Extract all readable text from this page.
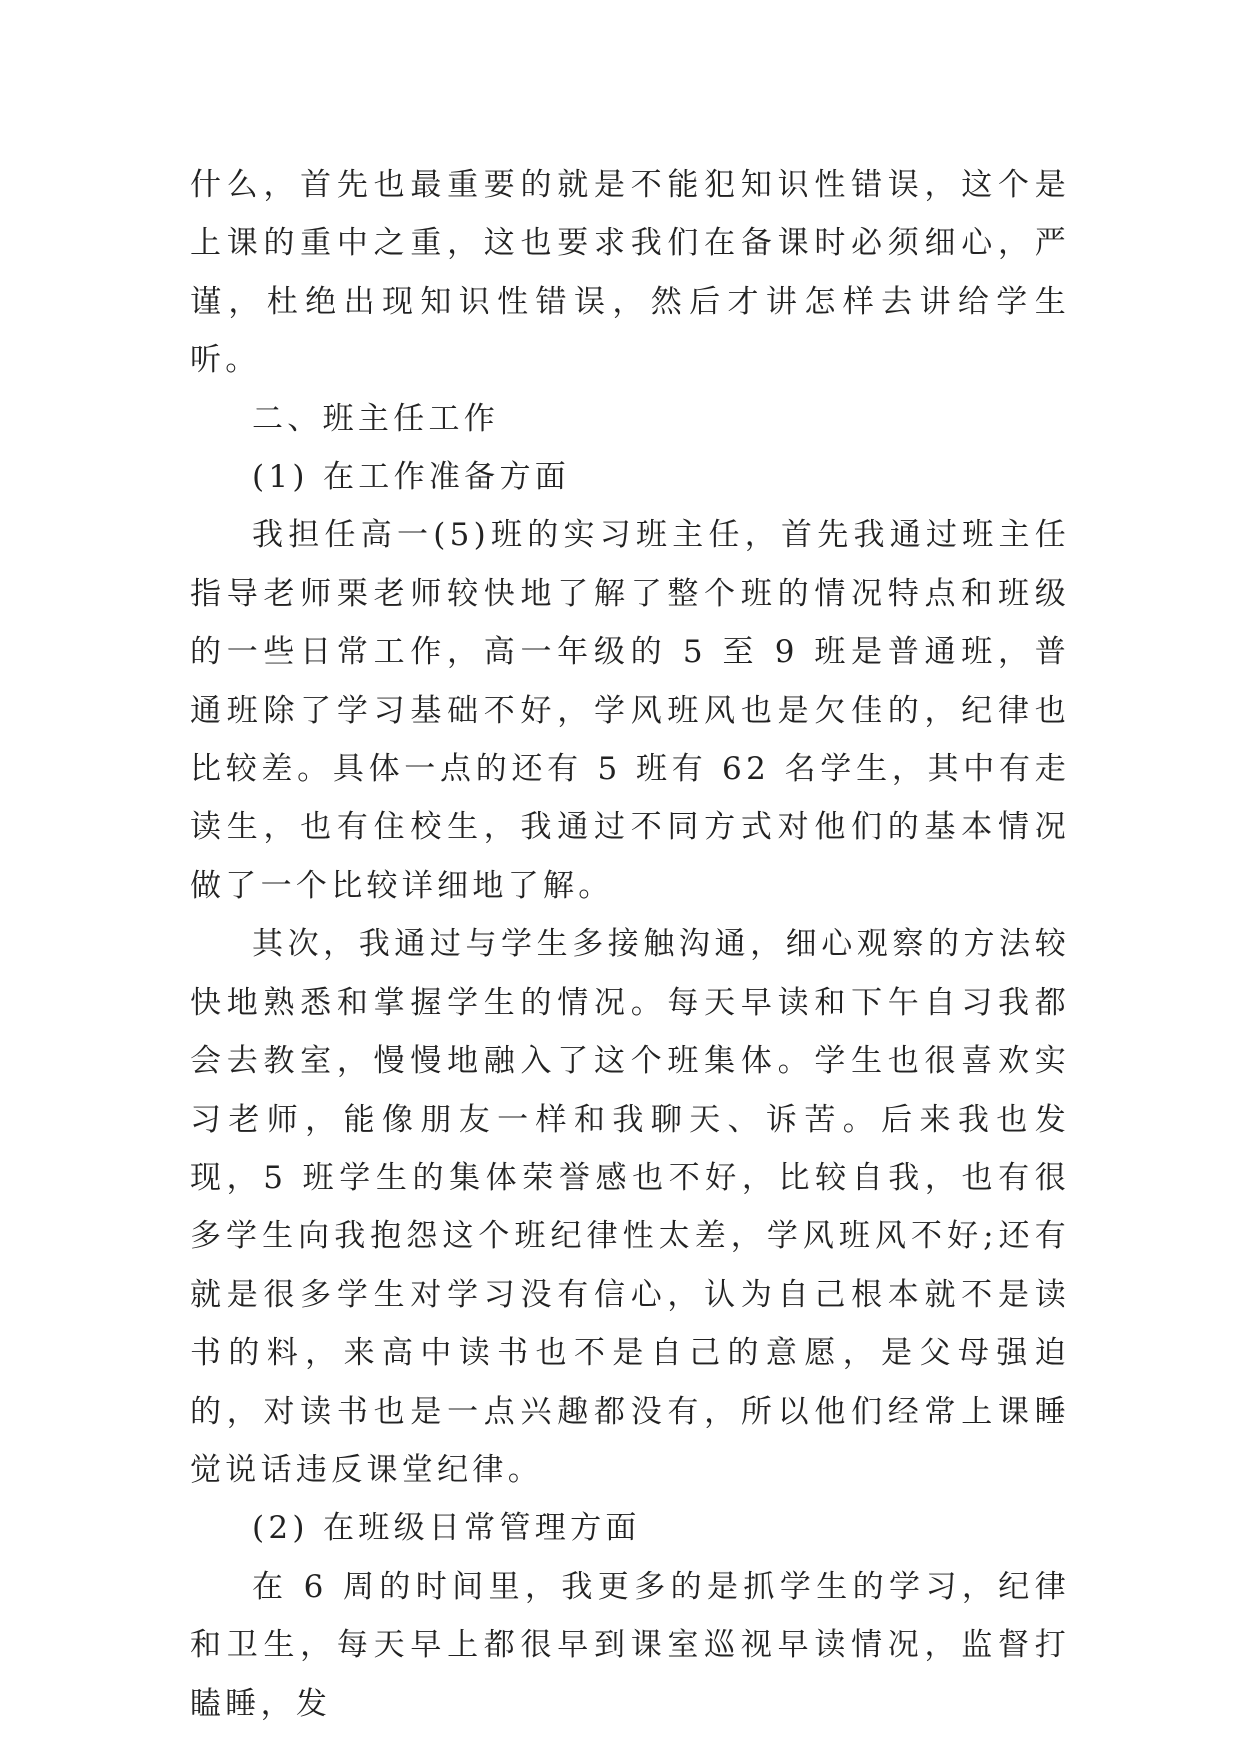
什么，首先也最重要的就是不能犯知识性错误，这个是上课的重中之重，这也要求我们在备课时必须细心，严谨，杜绝出现知识性错误，然后才讲怎样去讲给学生听。

二、班主任工作

(1) 在工作准备方面

我担任高一(5)班的实习班主任，首先我通过班主任指导老师栗老师较快地了解了整个班的情况特点和班级的一些日常工作，高一年级的 5 至 9 班是普通班，普通班除了学习基础不好，学风班风也是欠佳的，纪律也比较差。具体一点的还有 5 班有 62 名学生，其中有走读生，也有住校生，我通过不同方式对他们的基本情况做了一个比较详细地了解。

其次，我通过与学生多接触沟通，细心观察的方法较快地熟悉和掌握学生的情况。每天早读和下午自习我都会去教室，慢慢地融入了这个班集体。学生也很喜欢实习老师，能像朋友一样和我聊天、诉苦。后来我也发现，5 班学生的集体荣誉感也不好，比较自我，也有很多学生向我抱怨这个班纪律性太差，学风班风不好;还有就是很多学生对学习没有信心，认为自己根本就不是读书的料，来高中读书也不是自己的意愿，是父母强迫的，对读书也是一点兴趣都没有，所以他们经常上课睡觉说话违反课堂纪律。

(2) 在班级日常管理方面

在 6 周的时间里，我更多的是抓学生的学习，纪律和卫生，每天早上都很早到课室巡视早读情况，监督打瞌睡，发
